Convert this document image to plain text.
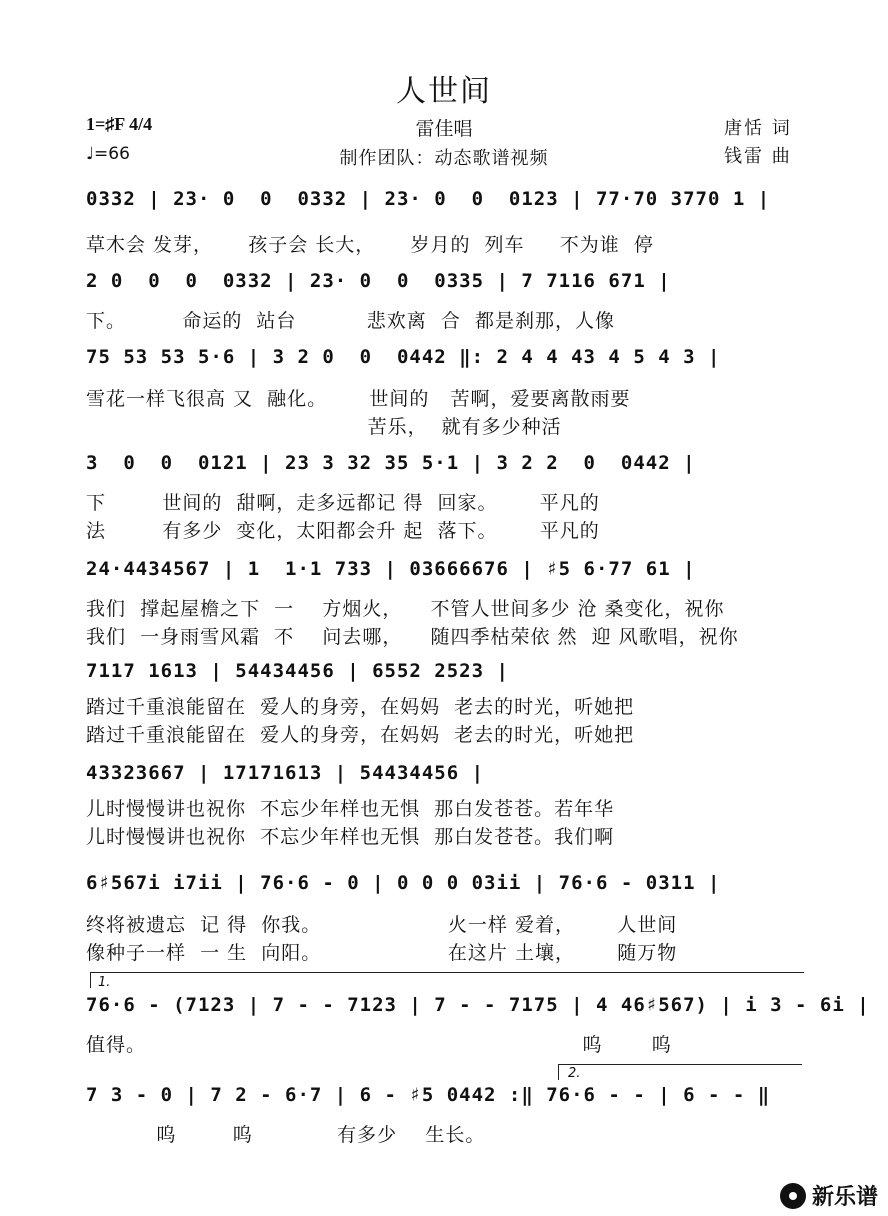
人世间
雷佳唱
制作团队：动态歌谱视频
1=♯F 4/4
♩=66
唐恬 词
钱雷 曲
0332 | 23· 0  0  0332 | 23· 0  0  0123 | 77·70 3770 1 |
草木会 发芽，     孩子会 长大，     岁月的  列车     不为谁  停
2 0  0  0  0332 | 23· 0  0  0335 | 7 7116 671 |
下。        命运的  站台          悲欢离  合  都是刹那，人像
75 53 53 5·6 | 3 2 0  0  0442 ‖: 2 4 4 43 4 5 4 3 |
雪花一样飞很高 又  融化。      世间的   苦啊，爱要离散雨要
苦乐，  就有多少种活
3  0  0  0121 | 23 3 32 35 5·1 | 3 2 2  0  0442 |
下        世间的  甜啊，走多远都记 得  回家。      平凡的
法        有多少  变化，太阳都会升 起  落下。      平凡的
24·4434567 | 1  1·1 733 | 03666676 | ♯5 6·77 61 |
我们  撑起屋檐之下  一    方烟火，    不管人世间多少 沧 桑变化，祝你
我们  一身雨雪风霜  不    问去哪，    随四季枯荣依 然  迎 风歌唱，祝你
7117 1613 | 54434456 | 6552 2523 |
踏过千重浪能留在  爱人的身旁，在妈妈  老去的时光，听她把
踏过千重浪能留在  爱人的身旁，在妈妈  老去的时光，听她把
43323667 | 17171613 | 54434456 |
儿时慢慢讲也祝你  不忘少年样也无惧  那白发苍苍。若年华
儿时慢慢讲也祝你  不忘少年样也无惧  那白发苍苍。我们啊
6♯567i i7ii | 76·6 - 0 | 0 0 0 03ii | 76·6 - 0311 |
终将被遗忘  记 得  你我。                  火一样 爱着，      人世间
像种子一样  一 生  向阳。                  在这片 土壤，      随万物
1.
76·6 - (7123 | 7 - - 7123 | 7 - - 7175 | 4 46♯567) | i 3 - 6i |
值得。                                                              呜       呜
2.
7 3 - 0 | 7 2 - 6·7 | 6 - ♯5 0442 :‖ 76·6 - - | 6 - - ‖
呜        呜            有多少    生长。
新乐谱
